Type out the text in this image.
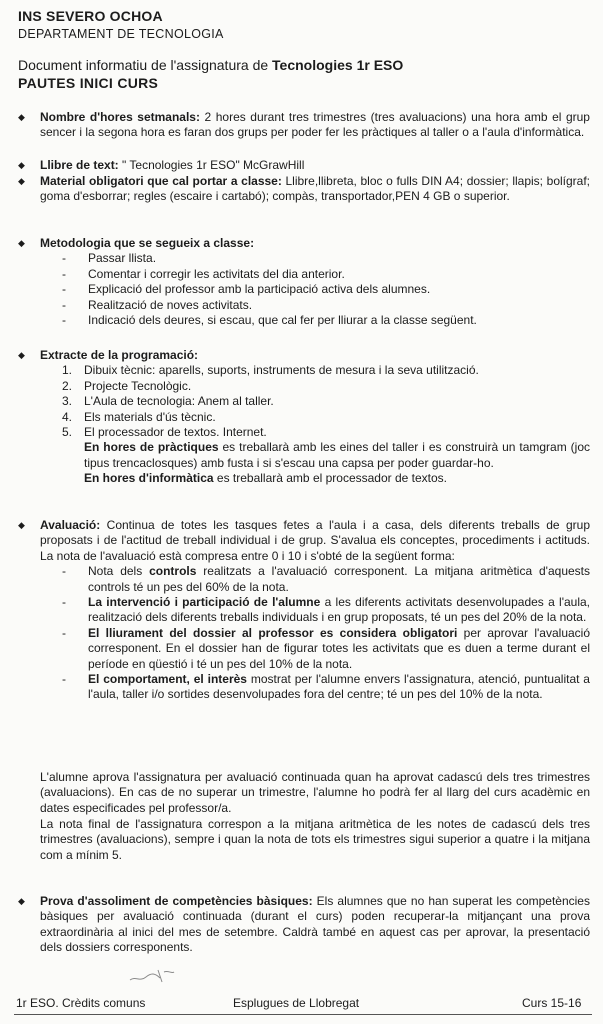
INS SEVERO OCHOA
DEPARTAMENT DE TECNOLOGIA
Document informatiu de l'assignatura de Tecnologies 1r ESO
PAUTES INICI CURS
◆ Nombre d'hores setmanals: 2 hores durant tres trimestres (tres avaluacions) una hora amb el grup sencer i la segona hora es faran dos grups per poder fer les pràctiques al taller o a l'aula d'informàtica.
◆ Llibre de text: " Tecnologies 1r ESO" McGrawHill
◆ Material obligatori que cal portar a classe: Llibre,llibreta, bloc o fulls DIN A4; dossier; llapis; bolígraf; goma d'esborrar; regles (escaire i cartabó); compàs, transportador,PEN 4 GB o superior.
◆ Metodologia que se segueix a classe:
- Passar llista.
- Comentar i corregir les activitats del dia anterior.
- Explicació del professor amb la participació activa dels alumnes.
- Realització de noves activitats.
- Indicació dels deures, si escau, que cal fer per lliurar a la classe següent.
◆ Extracte de la programació:
1. Dibuix tècnic: aparells, suports, instruments de mesura i la seva utilització.
2. Projecte Tecnològic.
3. L'Aula de tecnologia: Anem al taller.
4. Els materials d'ús tècnic.
5. El processador de textos. Internet.
En hores de pràctiques es treballarà amb les eines del taller i es construirà un tamgram (joc tipus trencaclosques) amb fusta i si s'escau una capsa per poder guardar-ho.
En hores d'informàtica es treballarà amb el processador de textos.
◆ Avaluació: Continua de totes les tasques fetes a l'aula i a casa, dels diferents treballs de grup proposats i de l'actitud de treball individual i de grup. S'avalua els conceptes, procediments i actituds. La nota de l'avaluació està compresa entre 0 i 10 i s'obté de la següent forma:
- Nota dels controls realitzats a l'avaluació corresponent. La mitjana aritmètica d'aquests controls té un pes del 60% de la nota.
- La intervenció i participació de l'alumne a les diferents activitats desenvolupades a l'aula, realització dels diferents treballs individuals i en grup proposats, té un pes del 20% de la nota.
- El lliurament del dossier al professor es considera obligatori per aprovar l'avaluació corresponent. En el dossier han de figurar totes les activitats que es duen a terme durant el període en qüestió i té un pes del 10% de la nota.
- El comportament, el interès mostrat per l'alumne envers l'assignatura, atenció, puntualitat a l'aula, taller i/o sortides desenvolupades fora del centre; té un pes del 10% de la nota.
L'alumne aprova l'assignatura per avaluació continuada quan ha aprovat cadascú dels tres trimestres (avaluacions). En cas de no superar un trimestre, l'alumne ho podrà fer al llarg del curs acadèmic en dates especificades pel professor/a.
La nota final de l'assignatura correspon a la mitjana aritmètica de les notes de cadascú dels tres trimestres (avaluacions), sempre i quan la nota de tots els trimestres sigui superior a quatre i la mitjana com a mínim 5.
◆ Prova d'assoliment de competències bàsiques: Els alumnes que no han superat les competències bàsiques per avaluació continuada (durant el curs) poden recuperar-la mitjançant una prova extraordinària al inici del mes de setembre. Caldrà també en aquest cas per aprovar, la presentació dels dossiers corresponents.
1r ESO. Crèdits comuns	Esplugues de Llobregat	Curs 15-16
